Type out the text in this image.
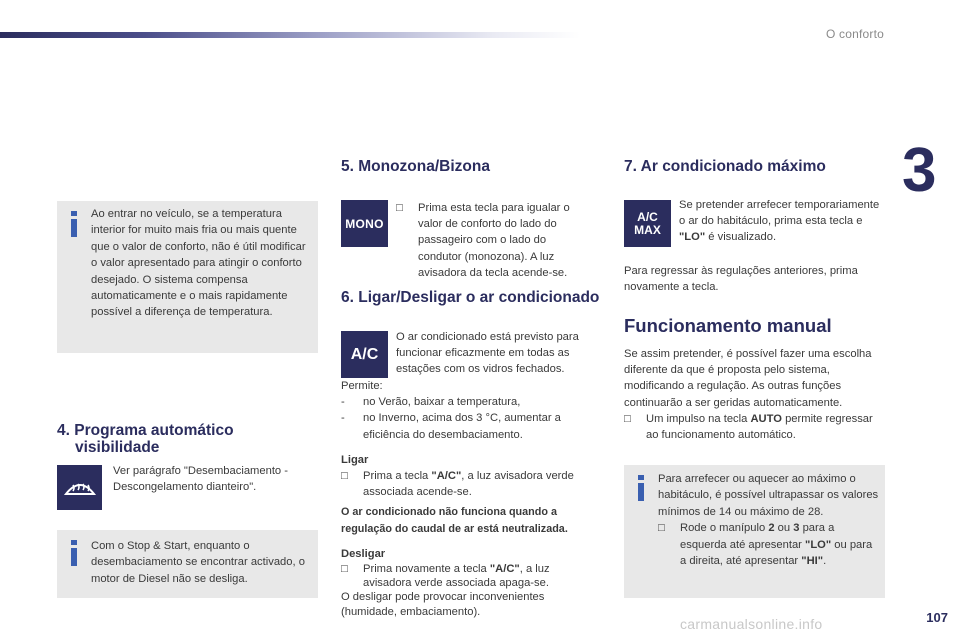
O conforto
3

Ao entrar no veículo, se a temperatura interior for muito mais fria ou mais quente que o valor de conforto, não é útil modificar o valor apresentado para atingir o conforto desejado. O sistema compensa automaticamente e o mais rapidamente possível a diferença de temperatura.

4. Programa automático
visibilidade
Ver parágrafo "Desembaciamento - Descongelamento dianteiro".

Com o Stop & Start, enquanto o desembaciamento se encontrar activado, o motor de Diesel não se desliga.

5. Monozona/Bizona
MONO
□ Prima esta tecla para igualar o valor de conforto do lado do passageiro com o lado do condutor (monozona). A luz avisadora da tecla acende-se.
6. Ligar/Desligar o ar condicionado
A/C
O ar condicionado está previsto para funcionar eficazmente em todas as estações com os vidros fechados.
Permite:
- no Verão, baixar a temperatura,
- no Inverno, acima dos 3 °C, aumentar a eficiência do desembaciamento.
Ligar
□ Prima a tecla "A/C", a luz avisadora verde associada acende-se.
O ar condicionado não funciona quando a regulação do caudal de ar está neutralizada.
Desligar
□ Prima novamente a tecla "A/C", a luz avisadora verde associada apaga-se.
O desligar pode provocar inconvenientes (humidade, embaciamento).
7. Ar condicionado máximo
A/C
MAX
Se pretender arrefecer temporariamente o ar do habitáculo, prima esta tecla e "LO" é visualizado.
Para regressar às regulações anteriores, prima novamente a tecla.
Funcionamento manual
Se assim pretender, é possível fazer uma escolha diferente da que é proposta pelo sistema, modificando a regulação. As outras funções continuarão a ser geridas automaticamente.
□ Um impulso na tecla AUTO permite regressar ao funcionamento automático.

Para arrefecer ou aquecer ao máximo o habitáculo, é possível ultrapassar os valores mínimos de 14 ou máximo de 28.

□ Rode o manípulo 2 ou 3 para a esquerda até apresentar "LO" ou para a direita, até apresentar "HI".
carmanualsonline.info	107
